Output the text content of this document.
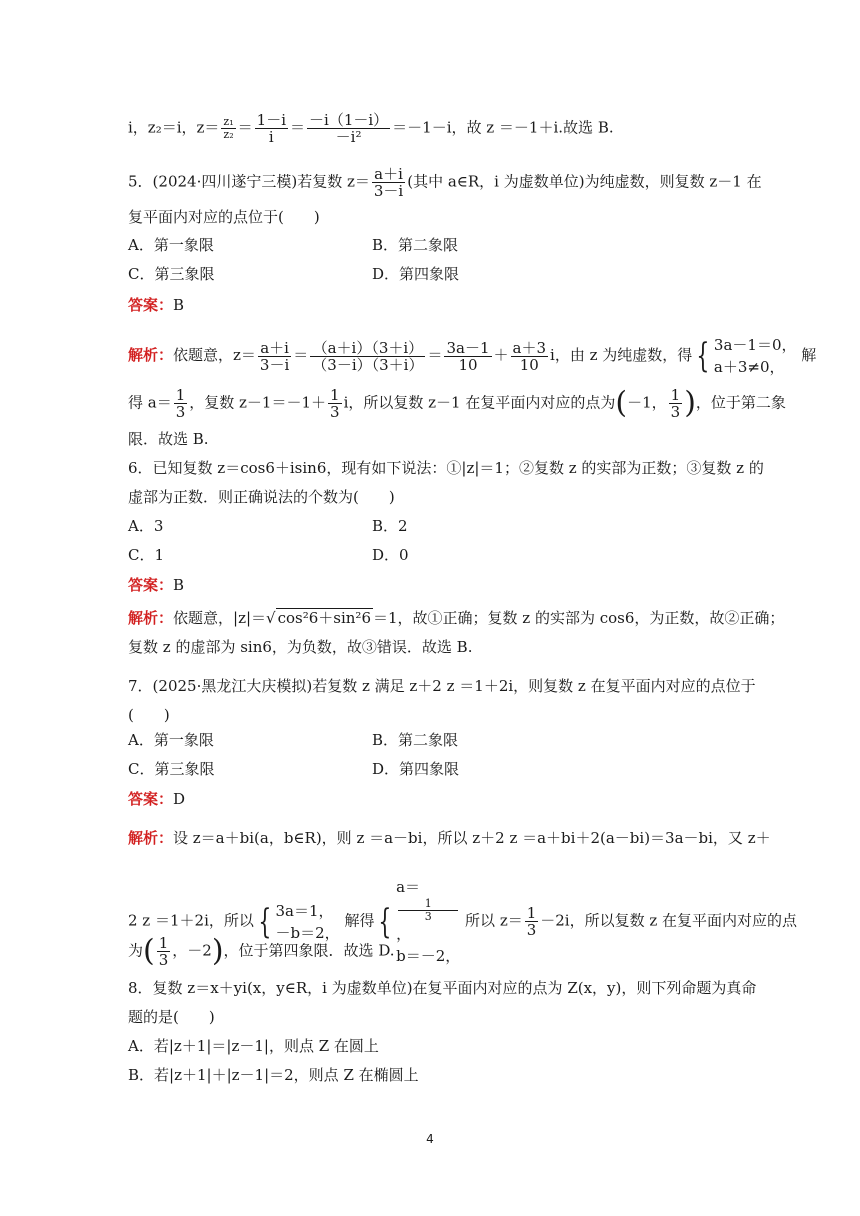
i，z₂＝i，$z= \frac{\text{z₁}}{\text{z₂}} = \frac{1-i}{i} = \frac{-i(1-i)}{\text{－i²}} =-1-i$，故 z ＝－1＋i.故选 B.
5．(2024·四川遂宁三模)若复数 $z= \frac{a+i}{3-i}$ (其中 a∈R，i 为虚数单位)为纯虚数，则复数 z－1 在
复平面内对应的点位于(　　)
A．第一象限	B．第二象限
C．第三象限	D．第四象限
答案：B
解析：依题意，$z= \frac{a+i}{3-i} = \frac{(a+i)(3+i)}{(3-i)(3+i)} = \frac{3a-1}{10} + \frac{a+3}{10}$ i，由 z 为纯虚数，得 { 3a－1＝0，
a＋3≠0，
解
得 $a= \frac{1}{3}$ ，复数 $z-1=-1+ \frac{1}{3}$ i，所以复数 z－1 在复平面内对应的点为(－1， $\frac{1}{3}$ )，位于第二象
限．故选 B.
6．已知复数 z＝cos6＋isin6，现有如下说法：①|z|＝1；②复数 z 的实部为正数；③复数 z 的
虚部为正数．则正确说法的个数为(　　)
A．3	B．2
C．1	D．0
答案：B
解析：依题意，|z|＝√ cos²6＋sin²6 ＝1，故①正确；复数 z 的实部为 cos6，为正数，故②正确；
复数 z 的虚部为 sin6，为负数，故③错误．故选 B.
7．(2025·黑龙江大庆模拟)若复数 z 满足 z＋2 z ＝1＋2i，则复数 z 在复平面内对应的点位于
(　　)
A．第一象限	B．第二象限
C．第三象限	D．第四象限
答案：D
解析：设 z＝a＋bi(a，b∈R)，则 z ＝a－bi，所以 z＋2 z ＝a＋bi＋2(a－bi)＝3a－bi，又 z＋
2 z ＝1＋2i，所以 { 3a＝1，
－b＝2，
解得 {
a＝
1
3
，
b＝－2，
所以 $z= \frac{1}{3} -2i$，所以复数 z 在复平面内对应的点
为( $\frac{1}{3}$ ，－2)，位于第四象限．故选 D.
8．复数 z＝x＋yi(x，y∈R，i 为虚数单位)在复平面内对应的点为 Z(x，y)，则下列命题为真命
题的是(　　)
A．若|z＋1|＝|z－1|，则点 Z 在圆上
B．若|z＋1|＋|z－1|＝2，则点 Z 在椭圆上
4
